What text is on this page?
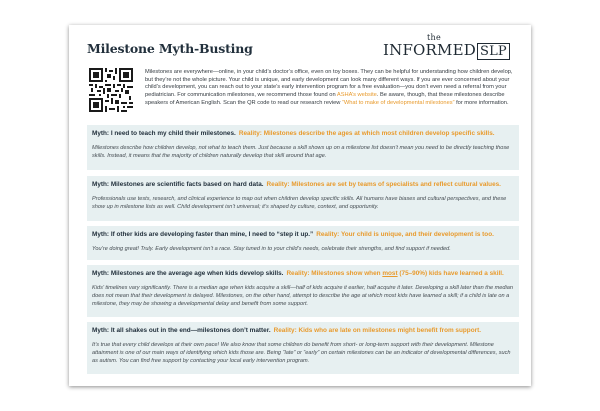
Milestone Myth-Busting
the
INFORMED SLP
Milestones are everywhere—online, in your child’s doctor’s office, even on toy boxes. They can be helpful for understanding how children develop, but they’re not the whole picture. Your child is unique, and early development can look many different ways. If you are ever concerned about your child’s development, you can reach out to your state’s early intervention program for a free evaluation—you don’t even need a referral from your pediatrician. For communication milestones, we recommend those found on ASHA’s website. Be aware, though, that these milestones describe speakers of American English. Scan the QR code to read our research review “What to make of developmental milestones” for more information.
Myth: I need to teach my child their milestones. Reality: Milestones describe the ages at which most children develop specific skills.
Milestones describe how children develop, not what to teach them. Just because a skill shows up on a milestone list doesn’t mean you need to be directly teaching those skills. Instead, it means that the majority of children naturally develop that skill around that age.
Myth: Milestones are scientific facts based on hard data. Reality: Milestones are set by teams of specialists and reflect cultural values.
Professionals use tests, research, and clinical experience to map out when children develop specific skills. All humans have biases and cultural perspectives, and these show up in milestone lists as well. Child development isn’t universal; it’s shaped by culture, context, and opportunity.
Myth: If other kids are developing faster than mine, I need to “step it up.” Reality: Your child is unique, and their development is too.
You’re doing great! Truly. Early development isn’t a race. Stay tuned in to your child’s needs, celebrate their strengths, and find support if needed.
Myth: Milestones are the average age when kids develop skills. Reality: Milestones show when most (75–90%) kids have learned a skill.
Kids’ timelines vary significantly. There is a median age when kids acquire a skill—half of kids acquire it earlier, half acquire it later. Developing a skill later than the median does not mean that their development is delayed. Milestones, on the other hand, attempt to describe the age at which most kids have learned a skill; if a child is late on a milestone, they may be showing a developmental delay and benefit from some support.
Myth: It all shakes out in the end—milestones don’t matter. Reality: Kids who are late on milestones might benefit from support.
It’s true that every child develops at their own pace! We also know that some children do benefit from short- or long-term support with their development. Milestone attainment is one of our main ways of identifying which kids those are. Being “late” or “early” on certain milestones can be an indicator of developmental differences, such as autism. You can find free support by contacting your local early intervention program.
